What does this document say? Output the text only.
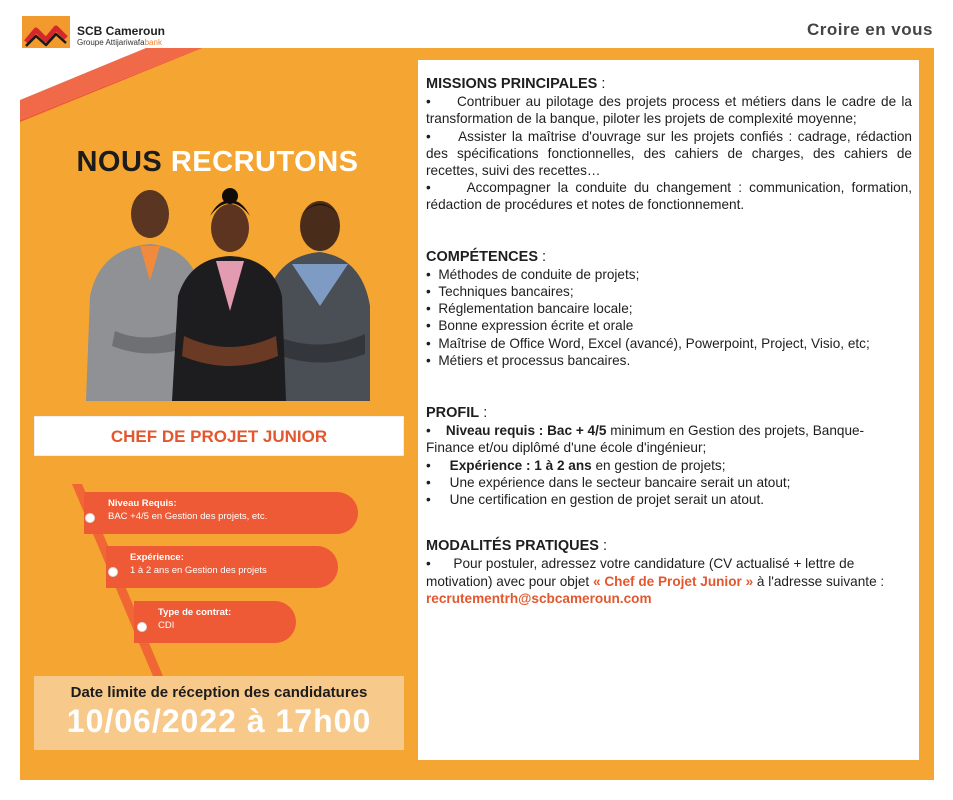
SCB Cameroun
Groupe Attijariwafabank
Croire en vous
NOUS RECRUTONS
CHEF DE PROJET JUNIOR
Niveau Requis:
BAC +4/5 en Gestion des projets, etc.
Expérience:
1 à 2 ans en Gestion des projets
Type de contrat:
CDI
Date limite de réception des candidatures
10/06/2022 à 17h00
MISSIONS PRINCIPALES :
•     Contribuer au pilotage des projets process et métiers dans le cadre de la transformation de la banque, piloter les projets de complexité moyenne;
•     Assister la maîtrise d'ouvrage sur les projets confiés : cadrage, rédaction des spécifications fonctionnelles, des cahiers de charges, des cahiers de recettes, suivi des recettes…
•     Accompagner la conduite du changement : communication, formation, rédaction de procédures et notes de fonctionnement.
COMPÉTENCES :
•  Méthodes de conduite de projets;
•  Techniques bancaires;
•  Réglementation bancaire locale;
•  Bonne expression écrite et orale
•  Maîtrise de Office Word, Excel (avancé), Powerpoint, Project, Visio, etc;
•  Métiers et processus bancaires.
PROFIL :
•    Niveau requis : Bac + 4/5 minimum en Gestion des projets, Banque-Finance et/ou diplômé d'une école d'ingénieur;
•     Expérience : 1 à 2 ans en gestion de projets;
•     Une expérience dans le secteur bancaire serait un atout;
•     Une certification en gestion de projet serait un atout.
MODALITÉS PRATIQUES :
•      Pour postuler, adressez votre candidature (CV actualisé + lettre de motivation) avec pour objet « Chef de Projet Junior » à l'adresse suivante : recrutementrh@scbcameroun.com
